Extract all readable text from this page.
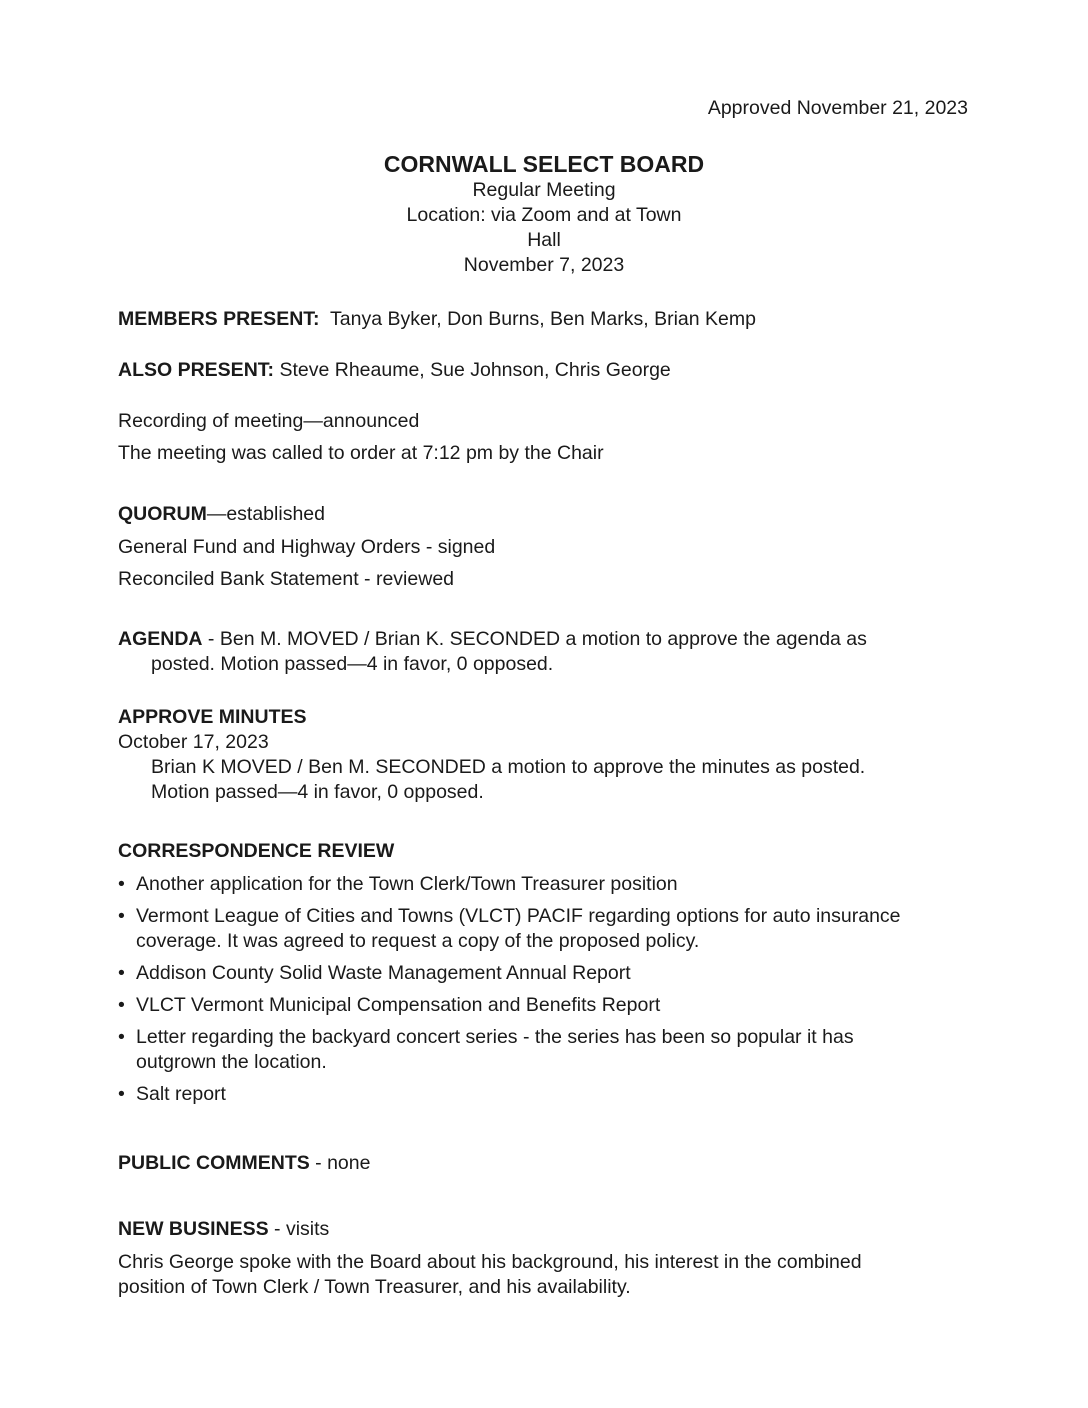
Approved November 21, 2023
CORNWALL SELECT BOARD
Regular Meeting
Location: via Zoom and at Town
Hall
November 7, 2023
MEMBERS PRESENT: Tanya Byker, Don Burns, Ben Marks, Brian Kemp
ALSO PRESENT: Steve Rheaume, Sue Johnson, Chris George
Recording of meeting—announced
The meeting was called to order at 7:12 pm by the Chair
QUORUM—established
General Fund and Highway Orders - signed
Reconciled Bank Statement - reviewed
AGENDA - Ben M. MOVED / Brian K. SECONDED a motion to approve the agenda as
posted. Motion passed—4 in favor, 0 opposed.
APPROVE MINUTES
October 17, 2023
Brian K MOVED / Ben M. SECONDED a motion to approve the minutes as posted.
Motion passed—4 in favor, 0 opposed.
CORRESPONDENCE REVIEW
• Another application for the Town Clerk/Town Treasurer position
• Vermont League of Cities and Towns (VLCT) PACIF regarding options for auto insurance
coverage. It was agreed to request a copy of the proposed policy.
• Addison County Solid Waste Management Annual Report
• VLCT Vermont Municipal Compensation and Benefits Report
• Letter regarding the backyard concert series - the series has been so popular it has
outgrown the location.
• Salt report
PUBLIC COMMENTS - none
NEW BUSINESS - visits
Chris George spoke with the Board about his background, his interest in the combined
position of Town Clerk / Town Treasurer, and his availability.
